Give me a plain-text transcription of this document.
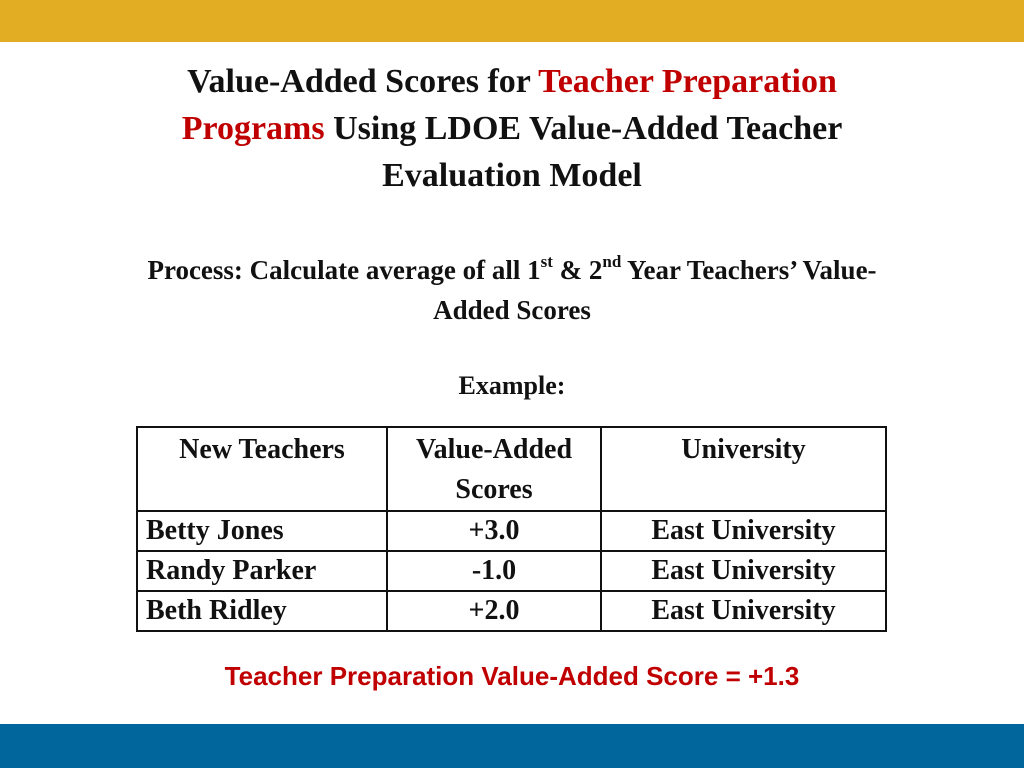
Value-Added Scores for Teacher Preparation Programs Using LDOE Value-Added Teacher Evaluation Model
Process: Calculate average of all 1st & 2nd Year Teachers’ Value-Added Scores
Example:
New Teachers	Value-Added Scores	University
Betty Jones	+3.0	East University
Randy Parker	-1.0	East University
Beth Ridley	+2.0	East University
Teacher Preparation Value-Added Score = +1.3
